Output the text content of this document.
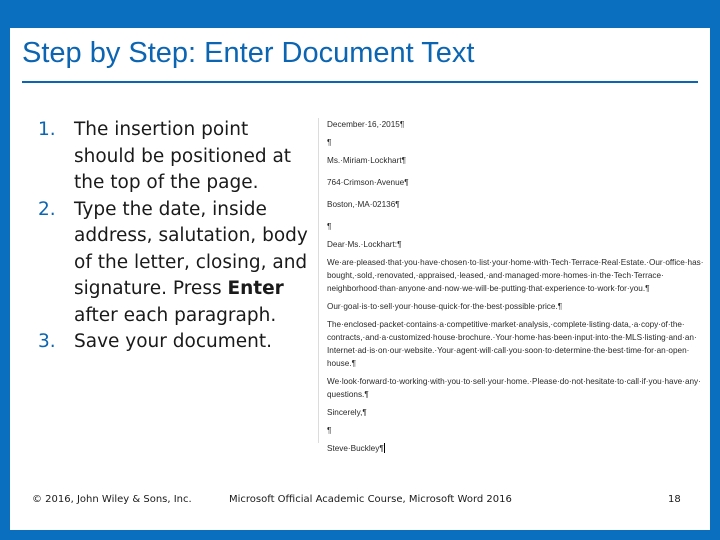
Step by Step: Enter Document Text
1. The insertion point should be positioned at the top of the page.
2. Type the date, inside address, salutation, body of the letter, closing, and signature. Press Enter after each paragraph.
3. Save your document.
December·16,·2015¶
¶
Ms.·Miriam·Lockhart¶
764·Crimson·Avenue¶
Boston,·MA·02136¶
¶
Dear·Ms.·Lockhart:¶
We·are·pleased·that·you·have·chosen·to·list·your·home·with·Tech·Terrace·Real·Estate.·Our·office·has·
bought,·sold,·renovated,·appraised,·leased,·and·managed·more·homes·in·the·Tech·Terrace·
neighborhood·than·anyone·and·now·we·will·be·putting·that·experience·to·work·for·you.¶
Our·goal·is·to·sell·your·house·quick·for·the·best·possible·price.¶
The·enclosed·packet·contains·a·competitive·market·analysis,·complete·listing·data,·a·copy·of·the·
contracts,·and·a·customized·house·brochure.·Your·home·has·been·input·into·the·MLS·listing·and·an·
Internet·ad·is·on·our·website.·Your·agent·will·call·you·soon·to·determine·the·best·time·for·an·open·
house.¶
We·look·forward·to·working·with·you·to·sell·your·home.·Please·do·not·hesitate·to·call·if·you·have·any·
questions.¶
Sincerely,¶
¶
Steve·Buckley¶
© 2016, John Wiley & Sons, Inc.	Microsoft Official Academic Course, Microsoft Word 2016	18
